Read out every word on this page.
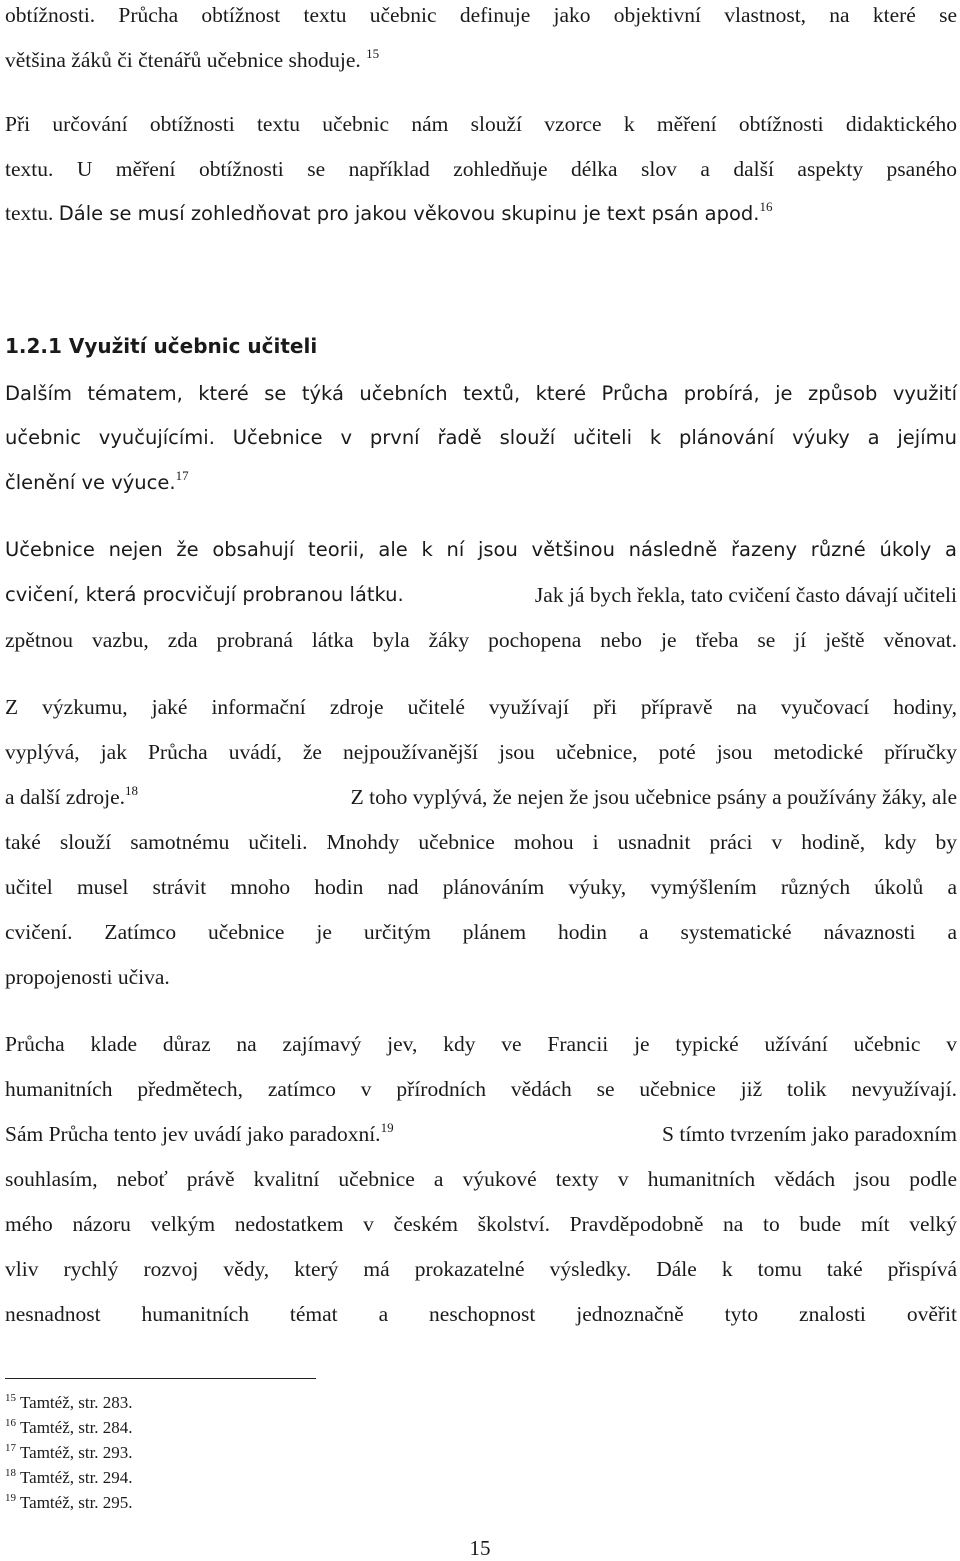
obtížnosti. Průcha obtížnost textu učebnic definuje jako objektivní vlastnost, na které se
většina žáků či čtenářů učebnice shoduje. $^{15}$
Při určování obtížnosti textu učebnic nám slouží vzorce k měření obtížnosti didaktického
textu. U měření obtížnosti se například zohledňuje délka slov a další aspekty psaného
textu. Dále se musí zohledňovat pro jakou věkovou skupinu je text psán apod.$^{16}$
1.2.1 Využití učebnic učiteli
Dalším tématem, které se týká učebních textů, které Průcha probírá, je způsob využití
učebnic vyučujícími. Učebnice v první řadě slouží učiteli k plánování výuky a jejímu
členění ve výuce.$^{17}$
Učebnice nejen že obsahují teorii, ale k ní jsou většinou následně řazeny různé úkoly a
cvičení, která procvičují probranou látku.	Jak já bych řekla, tato cvičení často dávají učiteli
zpětnou vazbu, zda probraná látka byla žáky pochopena nebo je třeba se jí ještě věnovat.
Z výzkumu, jaké informační zdroje učitelé využívají při přípravě na vyučovací hodiny,
vyplývá, jak Průcha uvádí, že nejpoužívanější jsou učebnice, poté jsou metodické příručky
a další zdroje.$^{18}$	Z toho vyplývá, že nejen že jsou učebnice psány a používány žáky, ale
také slouží samotnému učiteli. Mnohdy učebnice mohou i usnadnit práci v hodině, kdy by
učitel musel strávit mnoho hodin nad plánováním výuky, vymýšlením různých úkolů a
cvičení. Zatímco učebnice je určitým plánem hodin a systematické návaznosti a
propojenosti učiva.
Průcha klade důraz na zajímavý jev, kdy ve Francii je typické užívání učebnic v
humanitních předmětech, zatímco v přírodních vědách se učebnice již tolik nevyužívají.
Sám Průcha tento jev uvádí jako paradoxní.$^{19}$	S tímto tvrzením jako paradoxním
souhlasím, neboť právě kvalitní učebnice a výukové texty v humanitních vědách jsou podle
mého názoru velkým nedostatkem v českém školství. Pravděpodobně na to bude mít velký
vliv rychlý rozvoj vědy, který má prokazatelné výsledky. Dále k tomu také přispívá
nesnadnost humanitních témat a neschopnost jednoznačně tyto znalosti ověřit
$^{15}$ Tamtéž, str. 283.
$^{16}$ Tamtéž, str. 284.
$^{17}$ Tamtéž, str. 293.
$^{18}$ Tamtéž, str. 294.
$^{19}$ Tamtéž, str. 295.
15
